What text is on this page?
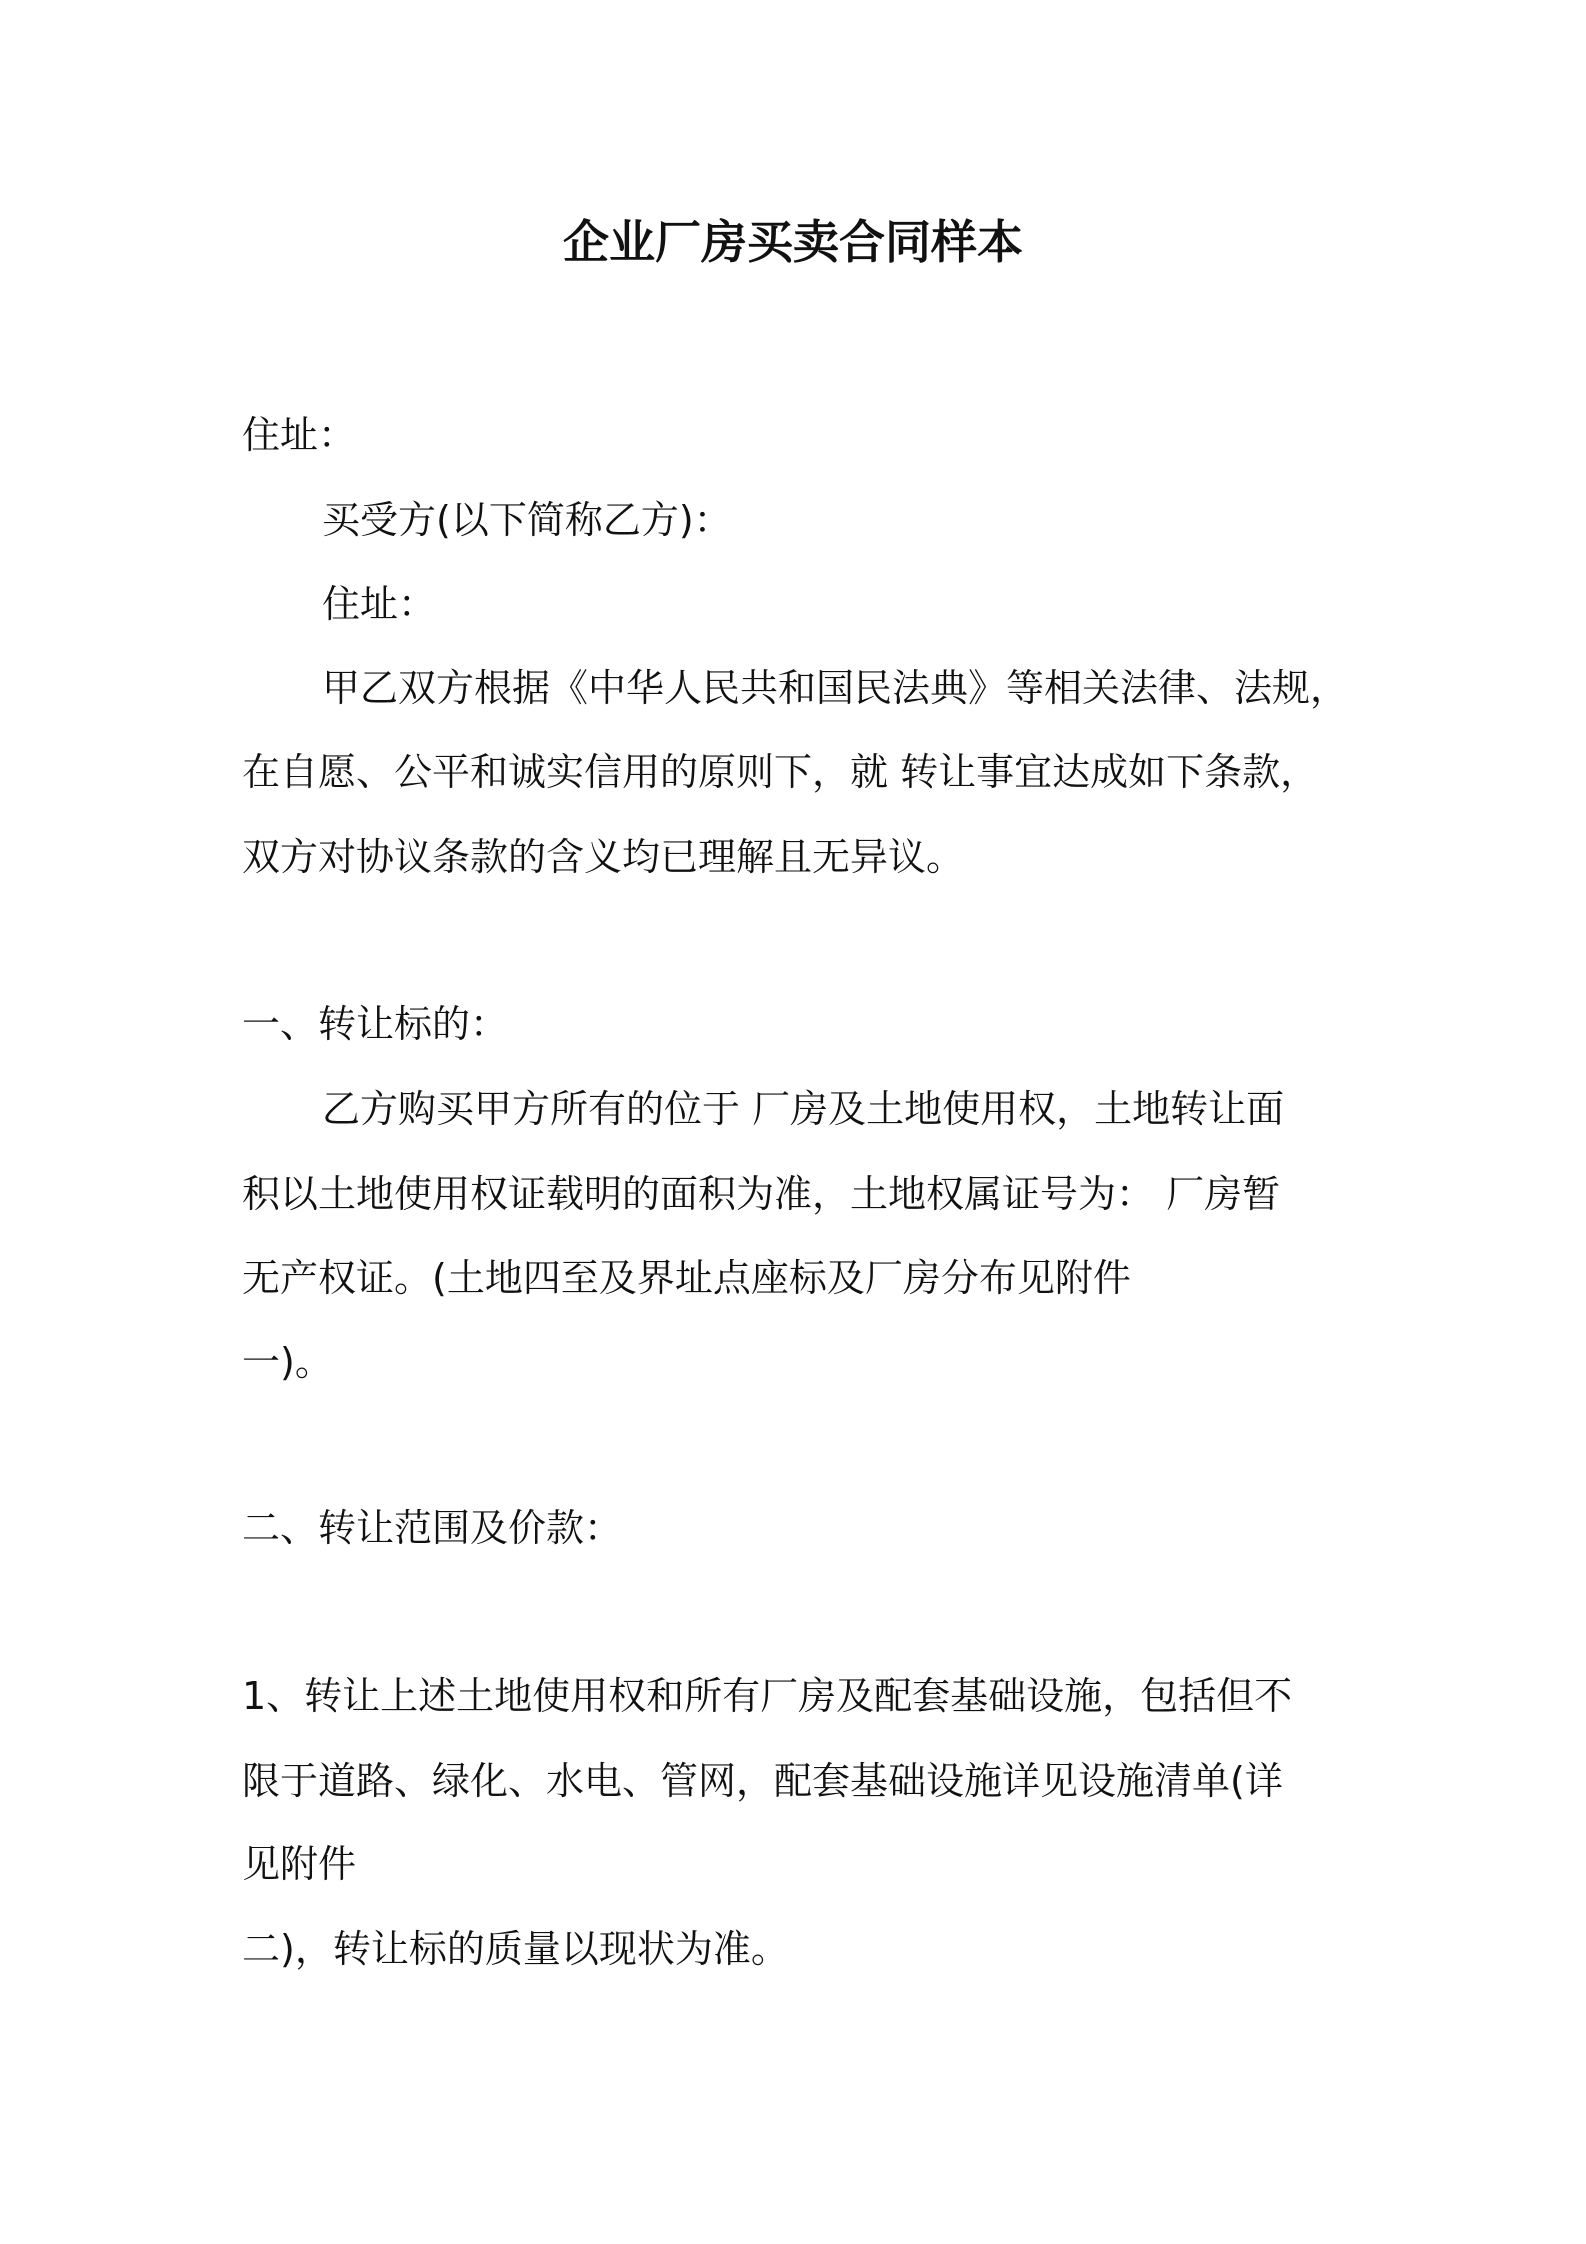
企业厂房买卖合同样本
住址：
买受方(以下简称乙方)：
住址：
甲乙双方根据《中华人民共和国民法典》等相关法律、法规，
在自愿、公平和诚实信用的原则下，就 转让事宜达成如下条款，
双方对协议条款的含义均已理解且无异议。
一、转让标的：
乙方购买甲方所有的位于 厂房及土地使用权，土地转让面
积以土地使用权证载明的面积为准，土地权属证号为： 厂房暂
无产权证。(土地四至及界址点座标及厂房分布见附件
一)。
二、转让范围及价款：
1、转让上述土地使用权和所有厂房及配套基础设施，包括但不
限于道路、绿化、水电、管网，配套基础设施详见设施清单(详
见附件
二)，转让标的质量以现状为准。
